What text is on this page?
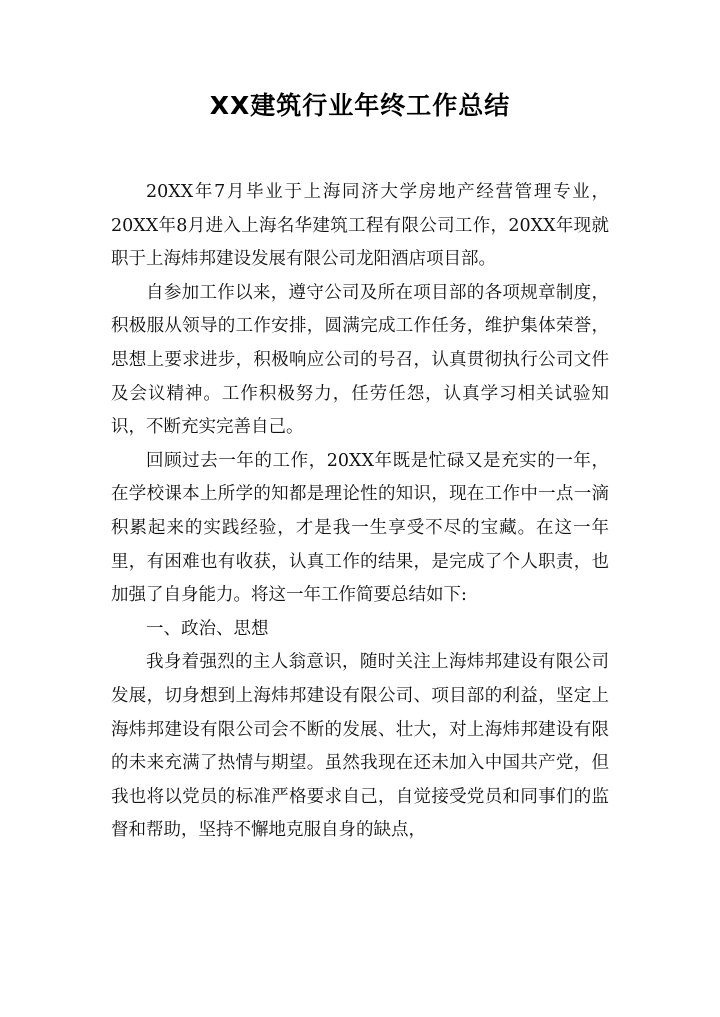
XX建筑行业年终工作总结

20XX年7月毕业于上海同济大学房地产经营管理专业，20XX年8月进入上海名华建筑工程有限公司工作，20XX年现就职于上海炜邦建设发展有限公司龙阳酒店项目部。

自参加工作以来，遵守公司及所在项目部的各项规章制度，积极服从领导的工作安排，圆满完成工作任务，维护集体荣誉，思想上要求进步，积极响应公司的号召，认真贯彻执行公司文件及会议精神。工作积极努力，任劳任怨，认真学习相关试验知识，不断充实完善自己。

回顾过去一年的工作，20XX年既是忙碌又是充实的一年，在学校课本上所学的知都是理论性的知识，现在工作中一点一滴积累起来的实践经验，才是我一生享受不尽的宝藏。在这一年里，有困难也有收获，认真工作的结果，是完成了个人职责，也加强了自身能力。将这一年工作简要总结如下:

一、政治、思想

我身着强烈的主人翁意识，随时关注上海炜邦建设有限公司发展，切身想到上海炜邦建设有限公司、项目部的利益，坚定上海炜邦建设有限公司会不断的发展、壮大，对上海炜邦建设有限的未来充满了热情与期望。虽然我现在还未加入中国共产党，但我也将以党员的标准严格要求自己，自觉接受党员和同事们的监督和帮助，坚持不懈地克服自身的缺点，
